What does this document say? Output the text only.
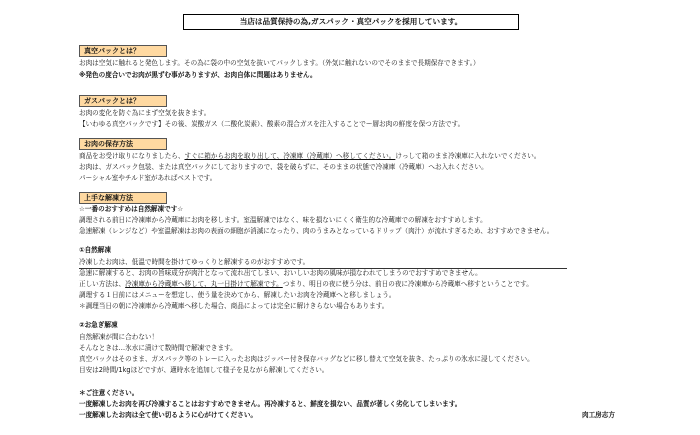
当店は品質保持の為,ガスパック・真空パックを採用しています。
真空パックとは？
お肉は空気に触れると発色します。その為に袋の中の空気を抜いてパックします。（外気に触れないのでそのままで長期保存できます。）
※発色の度合いでお肉が黒ずむ事がありますが、お肉自体に問題はありません。
ガスパックとは？
お肉の変化を防ぐ為にまず空気を抜きます。
【いわゆる真空パックです】その後、炭酸ガス（二酸化炭素）、酸素の混合ガスを注入することでー層お肉の鮮度を保つ方法です。
お肉の保存方法
商品をお受け取りになりましたら、すぐに箱からお肉を取り出して、冷凍庫（冷蔵庫）へ移してください。けっして箱のまま冷凍庫に入れないでください。
お肉は、ガスパック包装、または真空パックにしておりますので、袋を破らずに、そのままの状態で冷凍庫（冷蔵庫）へお入れください。
パーシャル室やチルド室があればベストです。
上手な解凍方法
☆一番のおすすめは自然解凍です☆
調理される前日に冷凍庫から冷蔵庫にお肉を移します。室温解凍ではなく、味を損ないにくく衛生的な冷蔵庫での解凍をおすすめします。
急速解凍（レンジなど）や室温解凍はお肉の表面の細胞が消滅になったり、肉のうまみとなっているドリップ（肉汁）が流れすぎるため、おすすめできません。
①自然解凍
冷凍したお肉は、低温で時間を掛けてゆっくりと解凍するのがおすすめです。
急速に解凍すると、お肉の旨味成分が肉汁となって流れ出てしまい、おいしいお肉の風味が損なわれてしまうのでおすすめできません。
正しい方法は、冷凍庫から冷蔵庫へ移して、丸一日掛けて解凍です。つまり、明日の夜に使う分は、前日の夜に冷凍庫から冷蔵庫へ移すということです。
調理する１日前にはメニューを想定し、使う量を決めてから、解凍したいお肉を冷蔵庫へと移しましょう。
＊調理当日の朝に冷凍庫から冷蔵庫へ移した場合、商品によっては完全に解けきらない場合もあります。
②お急ぎ解凍
自然解凍が間に合わない！
そんなときは…氷水に漬けて数時間で解凍できます。
真空パックはそのまま、ガスパック等のトレーに入ったお肉はジッパー付き保存バッグなどに移し替えて空気を抜き、たっぷりの氷水に浸してください。
目安は2時間/1kgほどですが、適時水を追加して様子を見ながら解凍してください。
＊ご注意ください。
一度解凍したお肉を再び冷凍することはおすすめできません。再冷凍すると、鮮度を損ない、品質が著しく劣化してしまいます。
一度解凍したお肉は全て使い切るように心がけてください。	肉工房志方
